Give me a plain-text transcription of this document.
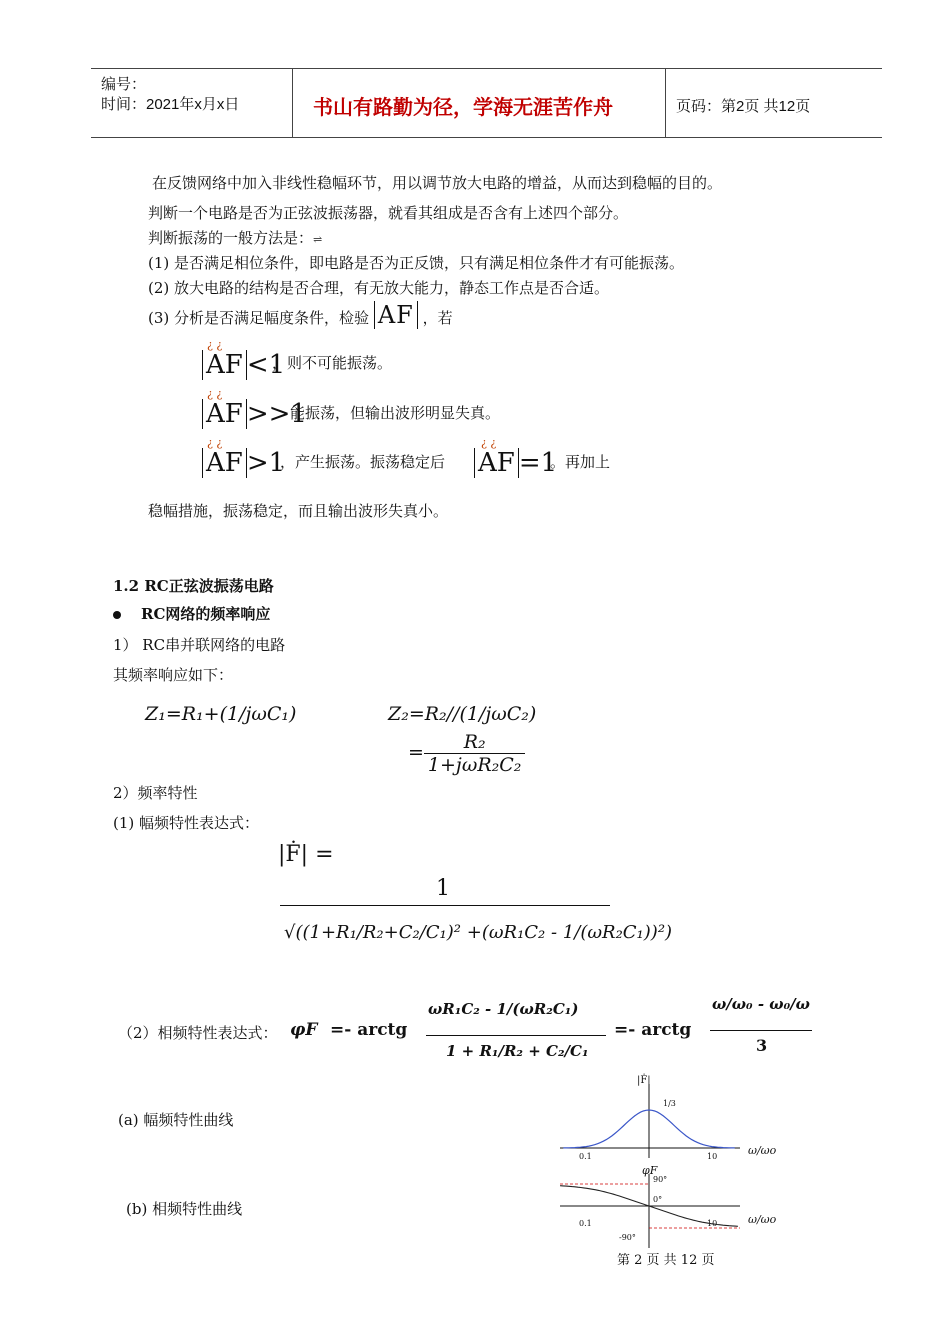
编号：
时间：2021年x月x日	书山有路勤为径，学海无涯苦作舟	页码：第2页 共12页
在反馈网络中加入非线性稳幅环节，用以调节放大电路的增益，从而达到稳幅的目的。
判断一个电路是否为正弦波振荡器，就看其组成是否含有上述四个部分。
判断振荡的一般方法是：⇌
(1) 是否满足相位条件，即电路是否为正反馈，只有满足相位条件才有可能振荡。
(2) 放大电路的结构是否合理，有无放大能力，静态工作点是否合适。
(3) 分析是否满足幅度条件，检验 AF ，若
¿ ¿
AF <1
，则不可能振荡。
¿ ¿
AF >>1
能振荡，但输出波形明显失真。
¿ ¿
AF >1
，产生振荡。振荡稳定后
¿ ¿
AF =1
。再加上
稳幅措施，振荡稳定，而且输出波形失真小。
1.2 RC正弦波振荡电路
RC网络的频率响应
1） RC串并联网络的电路
其频率响应如下：
Z₁=R₁+(1/jωC₁)	Z₂=R₂//(1/jωC₂)
= $\frac{\text{R₂}}{\text{1+jωR₂C₂}}$
2）频率特性
(1) 幅频特性表达式：
|Ḟ| =
1
√((1+R₁/R₂+C₂/C₁)² +(ωR₁C₂ - 1/(ωR₂C₁))²)
（2）相频特性表达式： φF =- arctg
ωR₁C₂ - 1/(ωR₂C₁)
1 + R₁/R₂ + C₂/C₁
=- arctg
ω/ω₀ - ω₀/ω
3
(a) 幅频特性曲线
(b) 相频特性曲线
|Ḟ|
ω/ωo
0.1	10
1/3
φF
ω/ωo
90°
0°
-90°
0.1	10
第 2 页 共 12 页
